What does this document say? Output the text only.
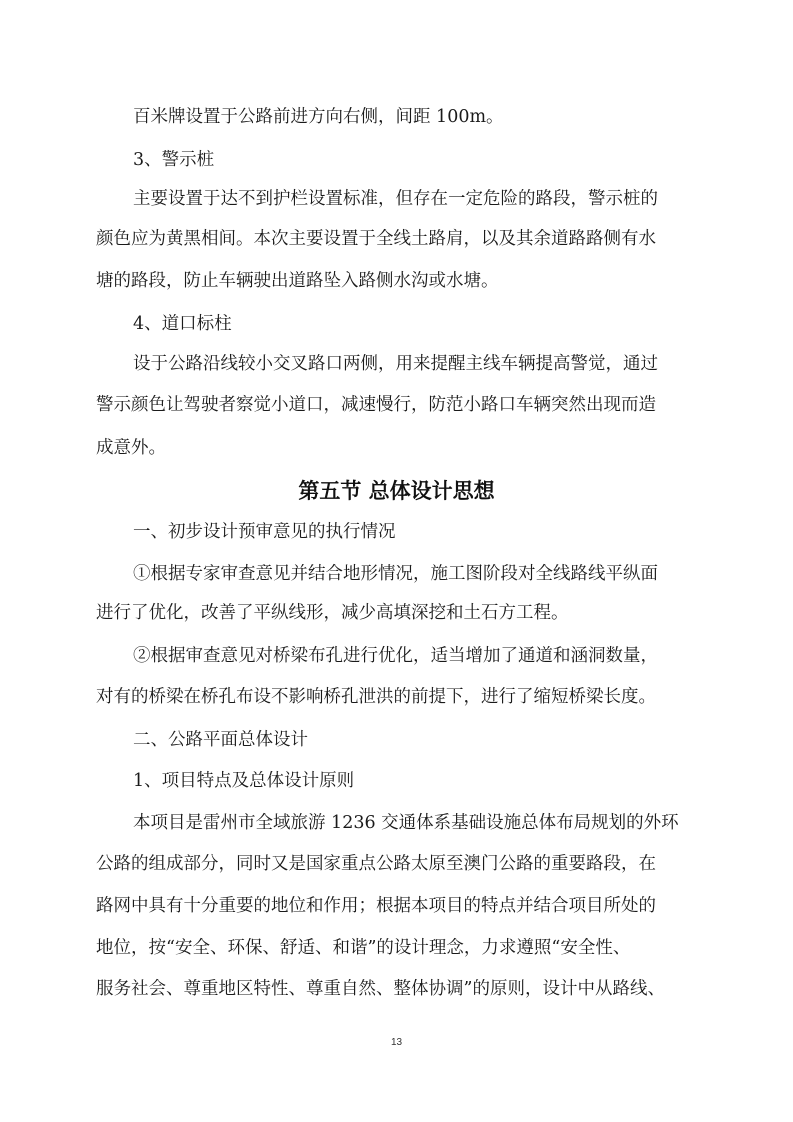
百米牌设置于公路前进方向右侧，间距 100m。
3、警示桩
主要设置于达不到护栏设置标准，但存在一定危险的路段，警示桩的
颜色应为黄黑相间。本次主要设置于全线土路肩，以及其余道路路侧有水
塘的路段，防止车辆驶出道路坠入路侧水沟或水塘。
4、道口标柱
设于公路沿线较小交叉路口两侧，用来提醒主线车辆提高警觉，通过
警示颜色让驾驶者察觉小道口，减速慢行，防范小路口车辆突然出现而造
成意外。
第五节 总体设计思想
一、初步设计预审意见的执行情况
①根据专家审查意见并结合地形情况，施工图阶段对全线路线平纵面
进行了优化，改善了平纵线形，减少高填深挖和土石方工程。
②根据审查意见对桥梁布孔进行优化，适当增加了通道和涵洞数量，
对有的桥梁在桥孔布设不影响桥孔泄洪的前提下，进行了缩短桥梁长度。
二、公路平面总体设计
1、项目特点及总体设计原则
本项目是雷州市全域旅游 1236 交通体系基础设施总体布局规划的外环
公路的组成部分，同时又是国家重点公路太原至澳门公路的重要路段，在
路网中具有十分重要的地位和作用；根据本项目的特点并结合项目所处的
地位，按“安全、环保、舒适、和谐”的设计理念，力求遵照“安全性、
服务社会、尊重地区特性、尊重自然、整体协调”的原则，设计中从路线、
13
